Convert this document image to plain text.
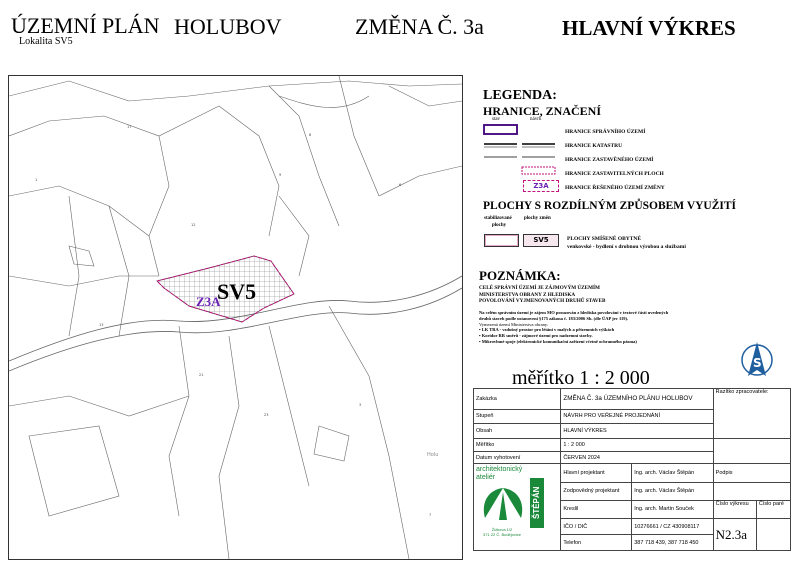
ÚZEMNÍ PLÁN HOLUBOV
Lokalita SV5
ZMĚNA Č. 3a	HLAVNÍ VÝKRES
1
17
12
9
8
6
13
21
23
3
7
SV5
Z3A
Holu
LEGENDA:
HRANICE, ZNAČENÍ
stav	návrh
Z3A
HRANICE SPRÁVNÍHO ÚZEMÍ
HRANICE KATASTRU
HRANICE ZASTAVĚNÉHO ÚZEMÍ
HRANICE ZASTAVITELNÝCH PLOCH
HRANICE ŘEŠENÉHO ÚZEMÍ ZMĚNY
PLOCHY S ROZDÍLNÝM ZPŮSOBEM VYUŽITÍ
stabilizované
plochy
plochy změn
SV5	PLOCHY SMÍŠENÉ OBYTNÉ
venkovské - bydlení s drobnou výrobou a službami
POZNÁMKA:
CELÉ SPRÁVNÍ ÚZEMÍ JE ZÁJMOVÝM ÚZEMÍM
MINISTERSTVA OBRANY Z HLEDISKA
POVOLOVÁNÍ VYJMENOVANÝCH DRUHŮ STAVEB
Na celém správním území je zájem MO posuzován z hlediska povolování v textové části uvedených
druhů staveb podle ustanovení §175 zákona č. 183/2006 Sb. (dle ÚAP jev 119).
Vymezená území Ministerstva obrany:
• LK TRA - vzdušný prostor pro létání v malých a přízemních výškách
• Koridor RR směrů - zájmové území pro nadzemní stavby.
• Mikrovlnné spoje (elektronické komunikační zařízení včetně ochranného pásma)
S
měřítko 1 : 2 000
Zakázka	ZMĚNA Č. 3a ÚZEMNÍHO PLÁNU HOLUBOV		Razítko zpracovatele:	
Stupeň	NÁVRH PRO VEŘEJNÉ PROJEDNÁNÍ			
Obsah	HLAVNÍ VÝKRES			
Měřítko	1 : 2 000			
Datum vyhotovení	ČERVEN 2024			

architektonický
ateliér
ŠTĚPÁN
Žižkova 1/2
371 22 Č. Budějovice	Hlavní projektant	Ing. arch. Václav Štěpán	Podpis	
	Zodpovědný projektant	Ing. arch. Václav Štěpán		
	Kreslil	Ing. arch. Martin Souček	Číslo výkresu	Číslo paré
	IČO / DIČ	10276661 / CZ 430908117	N2.3a	
	Telefon	387 718 439, 387 718 450		
